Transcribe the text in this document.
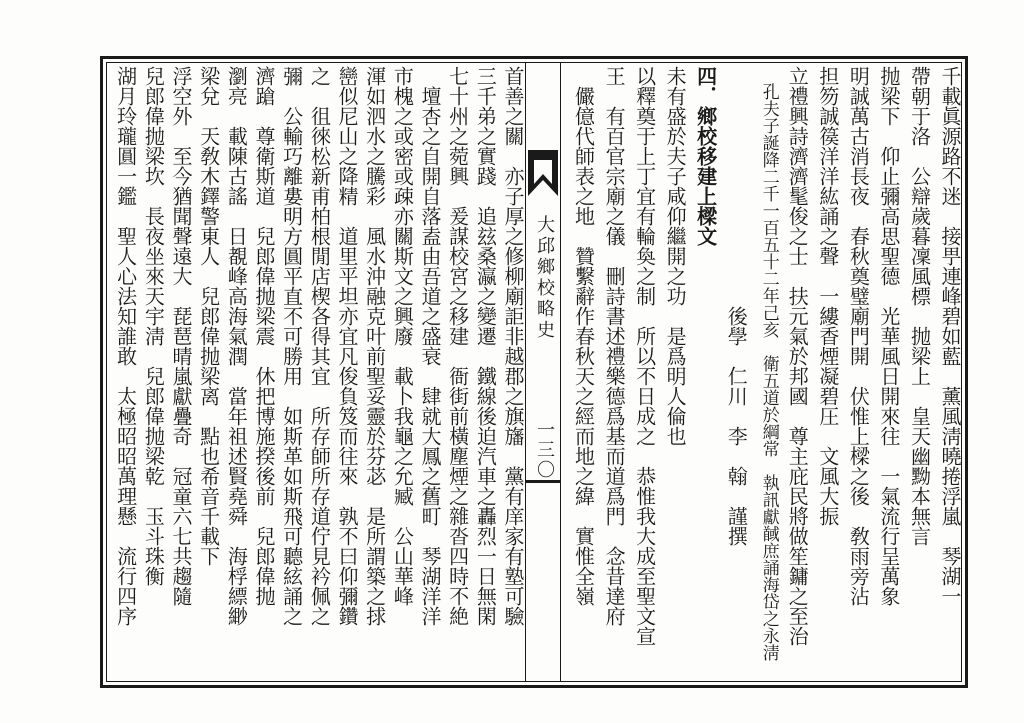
千載眞源路不迷　接甼連峰碧如藍　薰風淸曉捲浮嵐　琴湖一
帶朝于洛　公辯歲暮凜風標　抛梁上　皇天幽黝本無言
抛梁下　仰止彌高思聖德　光華風日開來往　一氣流行呈萬象
明誠萬古消長夜　春秋奠璧廟門開　伏惟上樑之後　敎雨旁沾
担笏誠篌洋洋紘誦之聲　一縷香煙凝碧圧　文風大振
立禮興詩濟濟髦俊之士　扶元氣於邦國　尊主庇民將做笙鏞之至治
　孔夫子誕降二千一百五十二年己亥　衛五道於綱常　執訊獻馘庶誦海岱之永淸
　　　　　　　　　　　　後學　仁川　李　翰　謹撰
四．鄉校移建上樑文
未有盛於夫子咸仰繼開之功　是爲明人倫也
以釋奠于上丁宜有輪奐之制　所以不日成之　恭惟我大成至聖文宣
王　有百官宗廟之儀　刪詩書述禮樂德爲基而道爲門　念昔達府
　儼億代師表之地　贊繫辭作春秋天之經而地之緯　實惟全嶺
大邱鄉校略史
一三〇
首善之關　亦子厚之修柳廟詎非越郡之旗旛　黨有庠家有塾可驗
三千弟之實踐　追玆桑瀛之變遷　鐵線後迫汽車之轟烈一日無閑
七十州之菀興　爰謀校宮之移建　衙街前橫塵煙之雜沓四時不絶
　壇杏之自開自落盍由吾道之盛衰　肆就大鳳之舊町　琴湖洋洋
市槐之或密或疎亦關斯文之興廢　載卜我龜之允臧　公山華峰
渾如泗水之騰彩　風水沖融克叶前聖妥靈於芬苾　是所謂築之捄
巒似尼山之降精　道里平坦亦宜凡俊負笈而往來　孰不曰仰彌鑽
之　徂徠松新甫柏根閒店楔各得其宜　所存師所存道佇見衿佩之
彌　公輸巧離婁明方圓平直不可勝用　如斯革如斯飛可聽絃誦之
濟蹌　尊衛斯道　兒郎偉抛梁震　休把博施揆後前　兒郎偉抛
瀏亮　載陳古謠　日覩峰高海氣潤　當年祖述賢堯舜　海桴縹緲
梁兌　天敎木鐸警東人　兒郎偉抛梁离　點也希音千載下
浮空外　至今猶聞聲遠大　琵琶晴嵐獻疊奇　冠童六七共趨隨
兒郎偉抛梁坎　長夜坐來天宇淸　兒郎偉抛梁乾　玉斗珠衡
湖月玲瓏圓一鑑　聖人心法知誰敢　太極昭昭萬理懸　流行四序
